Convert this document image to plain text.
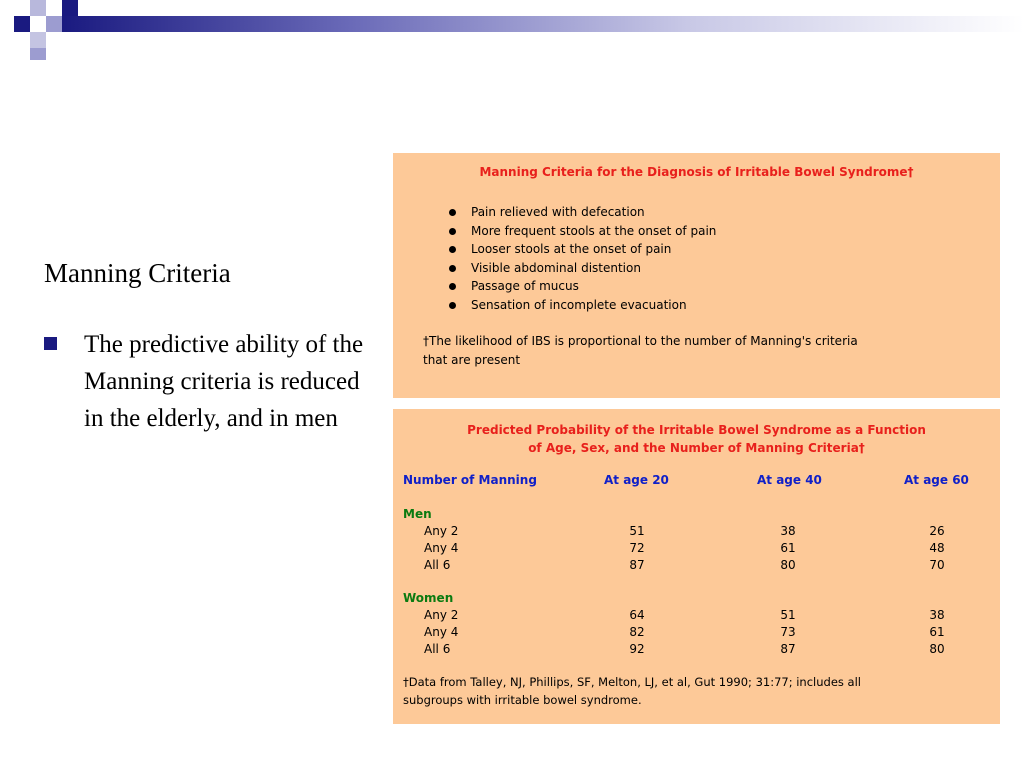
Manning Criteria
The predictive ability of the Manning criteria is reduced in the elderly, and in men
Manning Criteria for the Diagnosis of Irritable Bowel Syndrome†
Pain relieved with defecation
More frequent stools at the onset of pain
Looser stools at the onset of pain
Visible abdominal distention
Passage of mucus
Sensation of incomplete evacuation
†The likelihood of IBS is proportional to the number of Manning's criteria
that are present
Predicted Probability of the Irritable Bowel Syndrome as a Function
of Age, Sex, and the Number of Manning Criteria†
Number of Manning	At age 20	At age 40	At age 60
Men
Any 2	51	38	26
Any 4	72	61	48
All 6	87	80	70
Women
Any 2	64	51	38
Any 4	82	73	61
All 6	92	87	80
†Data from Talley, NJ, Phillips, SF, Melton, LJ, et al, Gut 1990; 31:77; includes all
subgroups with irritable bowel syndrome.
